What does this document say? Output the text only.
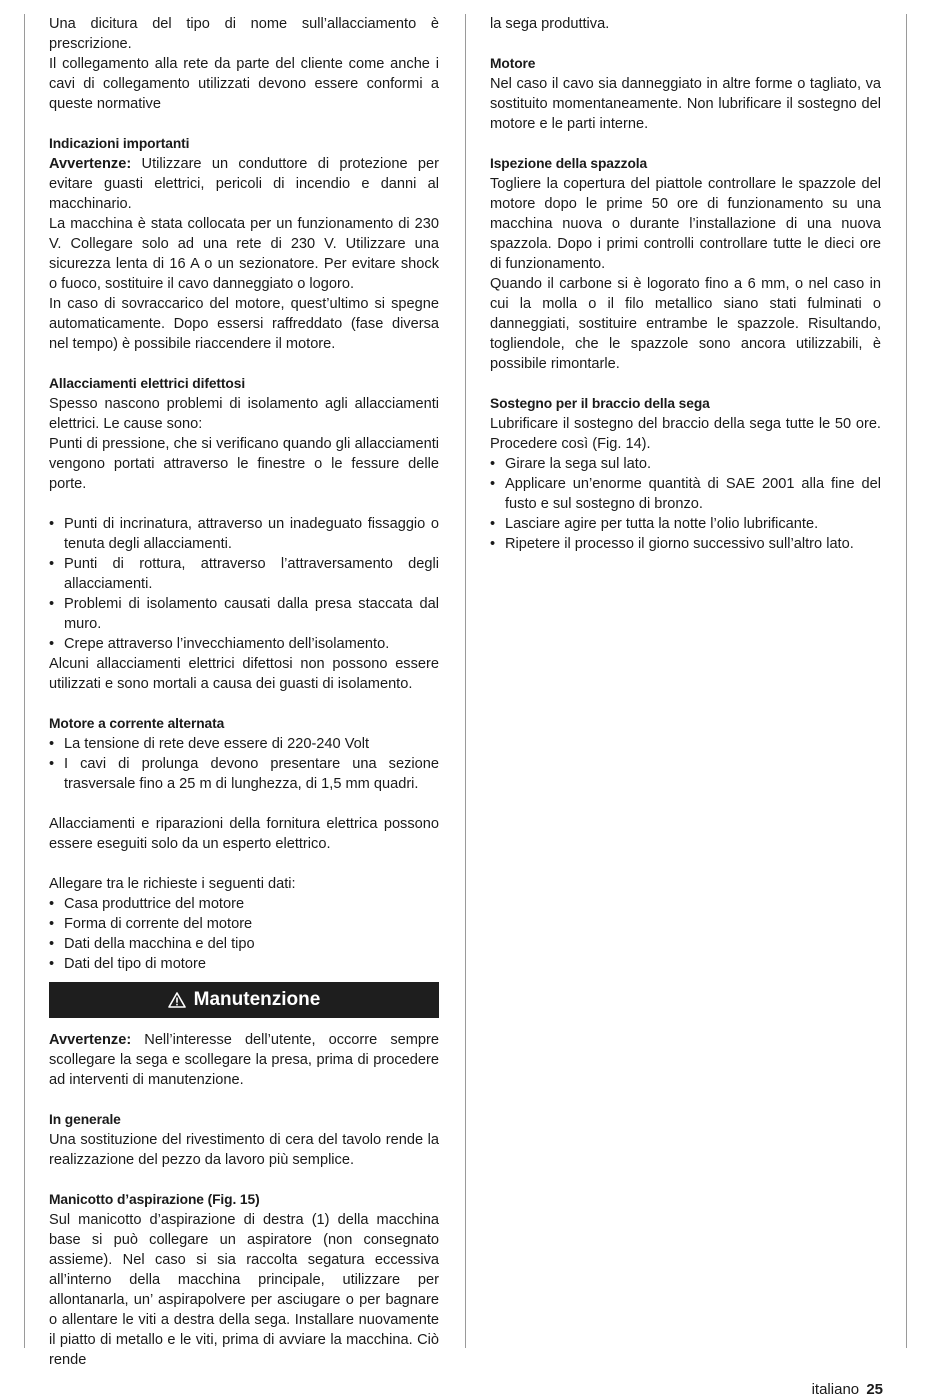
Una dicitura del tipo di nome sull’allacciamento è prescrizione.

Il collegamento alla rete da parte del cliente come anche i cavi di collegamento utilizzati devono essere conformi a queste normative

Indicazioni importanti

Avvertenze: Utilizzare un conduttore di protezione per evitare guasti elettrici, pericoli di incendio e danni al macchinario.

La macchina è stata collocata per un funzionamento di 230 V. Collegare solo ad una rete di 230 V. Utilizzare una sicurezza lenta di 16 A o un sezionatore. Per evitare shock o fuoco, sostituire il cavo danneggiato o logoro.

In caso di sovraccarico del motore, quest’ultimo si spegne automaticamente. Dopo essersi raffreddato (fase diversa nel tempo) è possibile riaccendere il motore.

Allacciamenti elettrici difettosi

Spesso nascono problemi di isolamento agli allacciamenti elettrici. Le cause sono:

Punti di pressione, che si verificano quando gli allacciamenti vengono portati attraverso le finestre o le fessure delle porte.

• Punti di incrinatura, attraverso un inadeguato fissaggio o tenuta degli allacciamenti.
• Punti di rottura, attraverso l’attraversamento degli allacciamenti.
• Problemi di isolamento causati dalla presa staccata dal muro.
• Crepe attraverso l’invecchiamento dell’isolamento.

Alcuni allacciamenti elettrici difettosi non possono essere utilizzati e sono mortali a causa dei guasti di isolamento.

Motore a corrente alternata

• La tensione di rete deve essere di 220-240 Volt
• I cavi di prolunga devono presentare una sezione trasversale fino a 25 m di lunghezza, di 1,5 mm quadri.

Allacciamenti e riparazioni della fornitura elettrica possono essere eseguiti solo da un esperto elettrico.

Allegare tra le richieste i seguenti dati:

• Casa produttrice del motore
• Forma di corrente del motore
• Dati della macchina e del tipo
• Dati del tipo di motore
Manutenzione

Avvertenze: Nell’interesse dell’utente, occorre sempre scollegare la sega e scollegare la presa, prima di procedere ad interventi di manutenzione.

In generale

Una sostituzione del rivestimento di cera del tavolo rende la realizzazione del pezzo da lavoro più semplice.

Manicotto d’aspirazione (Fig. 15)

Sul manicotto d’aspirazione di destra (1) della macchina base si può collegare un aspiratore (non consegnato assieme). Nel caso si sia raccolta segatura eccessiva all’interno della macchina principale, utilizzare per allontanarla, un’ aspirapolvere per asciugare o per bagnare o allentare le viti a destra della sega. Installare nuovamente il piatto di metallo e le viti, prima di avviare la macchina. Ciò rende

la sega produttiva.

Motore

Nel caso il cavo sia danneggiato in altre forme o tagliato, va sostituito momentaneamente. Non lubrificare il sostegno del motore e le parti interne.

Ispezione della spazzola

Togliere la copertura del piattole controllare le spazzole del motore dopo le prime 50 ore di funzionamento su una macchina nuova o durante l’installazione di una nuova spazzola. Dopo i primi controlli controllare tutte le dieci ore di funzionamento.

Quando il carbone si è logorato fino a 6 mm, o nel caso in cui la molla o il filo metallico siano stati fulminati o danneggiati, sostituire entrambe le spazzole. Risultando, togliendole, che le spazzole sono ancora utilizzabili, è possibile rimontarle.

Sostegno per il braccio della sega

Lubrificare il sostegno del braccio della sega tutte le 50 ore. Procedere così (Fig. 14).

• Girare la sega sul lato.
• Applicare un’enorme quantità di SAE 2001 alla fine del fusto e sul sostegno di bronzo.
• Lasciare agire per tutta la notte l’olio lubrificante.
• Ripetere il processo il giorno successivo sull’altro lato.
italiano 25
